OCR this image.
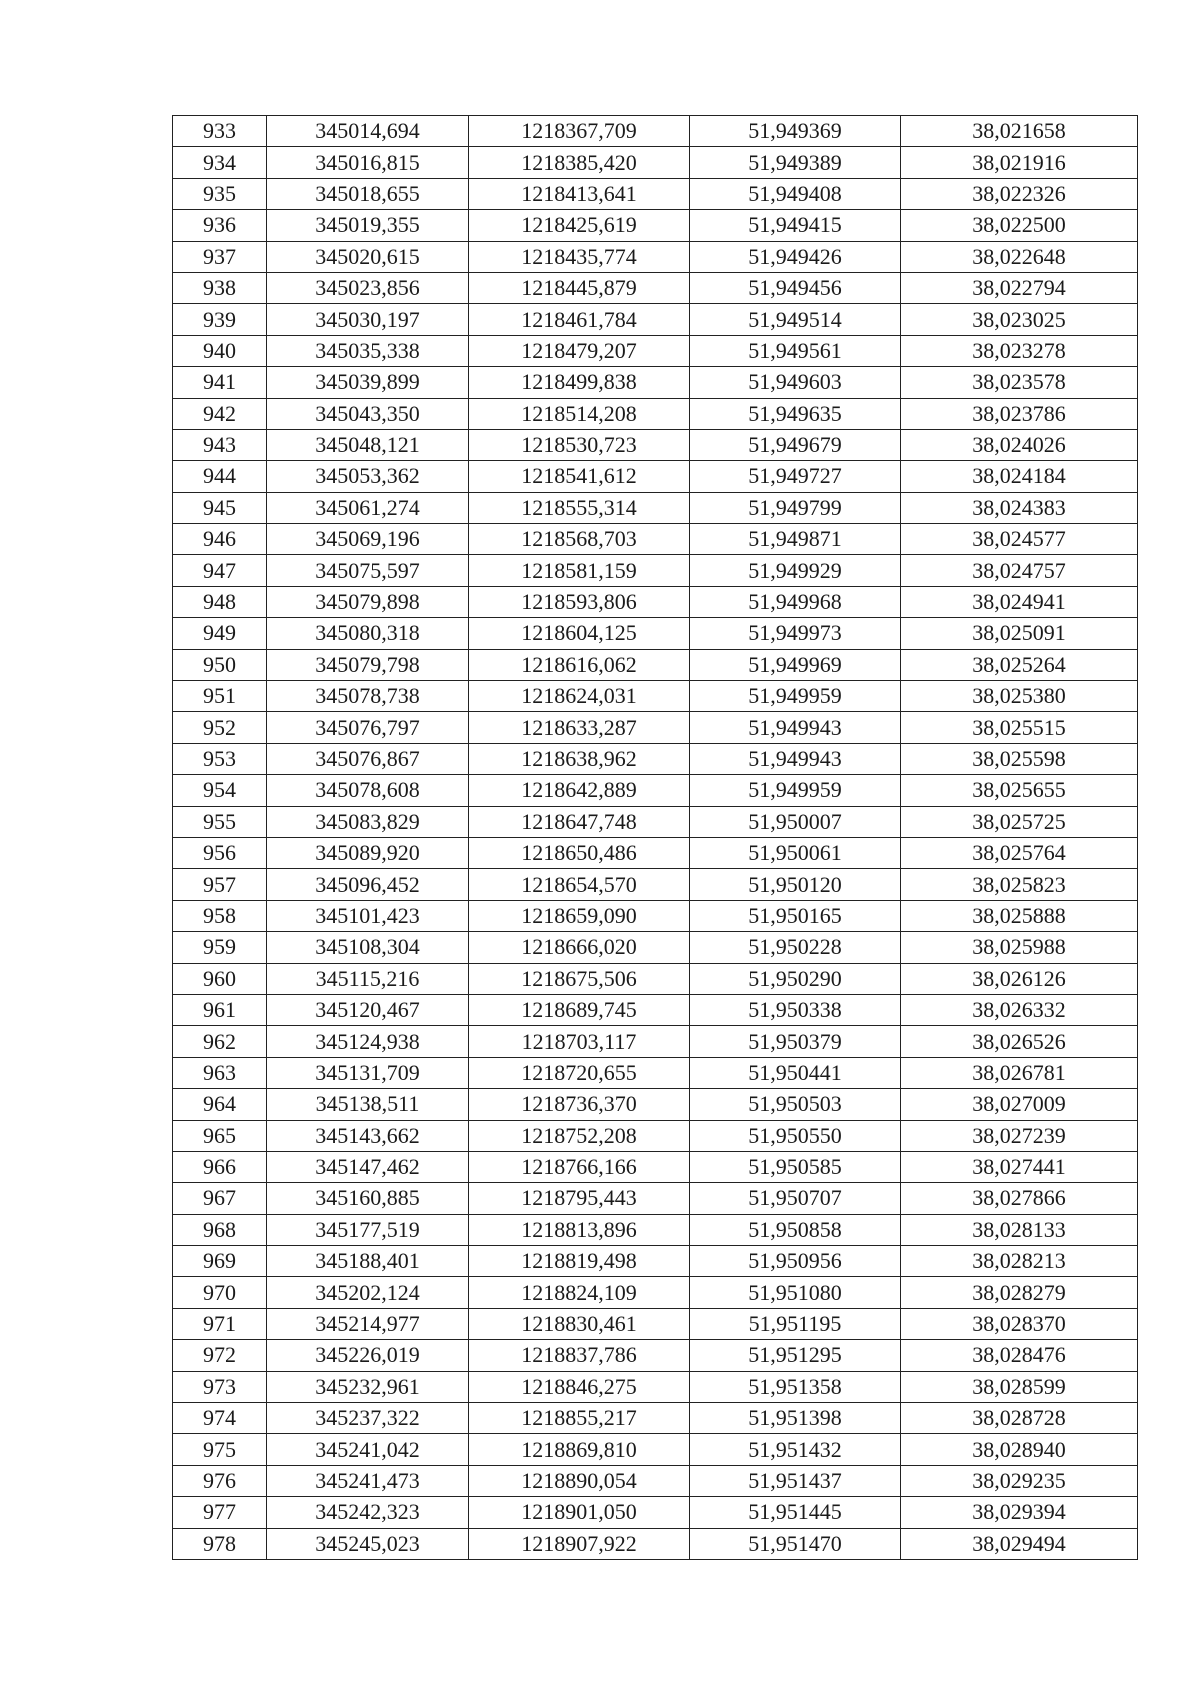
933	345014,694	1218367,709	51,949369	38,021658
934	345016,815	1218385,420	51,949389	38,021916
935	345018,655	1218413,641	51,949408	38,022326
936	345019,355	1218425,619	51,949415	38,022500
937	345020,615	1218435,774	51,949426	38,022648
938	345023,856	1218445,879	51,949456	38,022794
939	345030,197	1218461,784	51,949514	38,023025
940	345035,338	1218479,207	51,949561	38,023278
941	345039,899	1218499,838	51,949603	38,023578
942	345043,350	1218514,208	51,949635	38,023786
943	345048,121	1218530,723	51,949679	38,024026
944	345053,362	1218541,612	51,949727	38,024184
945	345061,274	1218555,314	51,949799	38,024383
946	345069,196	1218568,703	51,949871	38,024577
947	345075,597	1218581,159	51,949929	38,024757
948	345079,898	1218593,806	51,949968	38,024941
949	345080,318	1218604,125	51,949973	38,025091
950	345079,798	1218616,062	51,949969	38,025264
951	345078,738	1218624,031	51,949959	38,025380
952	345076,797	1218633,287	51,949943	38,025515
953	345076,867	1218638,962	51,949943	38,025598
954	345078,608	1218642,889	51,949959	38,025655
955	345083,829	1218647,748	51,950007	38,025725
956	345089,920	1218650,486	51,950061	38,025764
957	345096,452	1218654,570	51,950120	38,025823
958	345101,423	1218659,090	51,950165	38,025888
959	345108,304	1218666,020	51,950228	38,025988
960	345115,216	1218675,506	51,950290	38,026126
961	345120,467	1218689,745	51,950338	38,026332
962	345124,938	1218703,117	51,950379	38,026526
963	345131,709	1218720,655	51,950441	38,026781
964	345138,511	1218736,370	51,950503	38,027009
965	345143,662	1218752,208	51,950550	38,027239
966	345147,462	1218766,166	51,950585	38,027441
967	345160,885	1218795,443	51,950707	38,027866
968	345177,519	1218813,896	51,950858	38,028133
969	345188,401	1218819,498	51,950956	38,028213
970	345202,124	1218824,109	51,951080	38,028279
971	345214,977	1218830,461	51,951195	38,028370
972	345226,019	1218837,786	51,951295	38,028476
973	345232,961	1218846,275	51,951358	38,028599
974	345237,322	1218855,217	51,951398	38,028728
975	345241,042	1218869,810	51,951432	38,028940
976	345241,473	1218890,054	51,951437	38,029235
977	345242,323	1218901,050	51,951445	38,029394
978	345245,023	1218907,922	51,951470	38,029494
